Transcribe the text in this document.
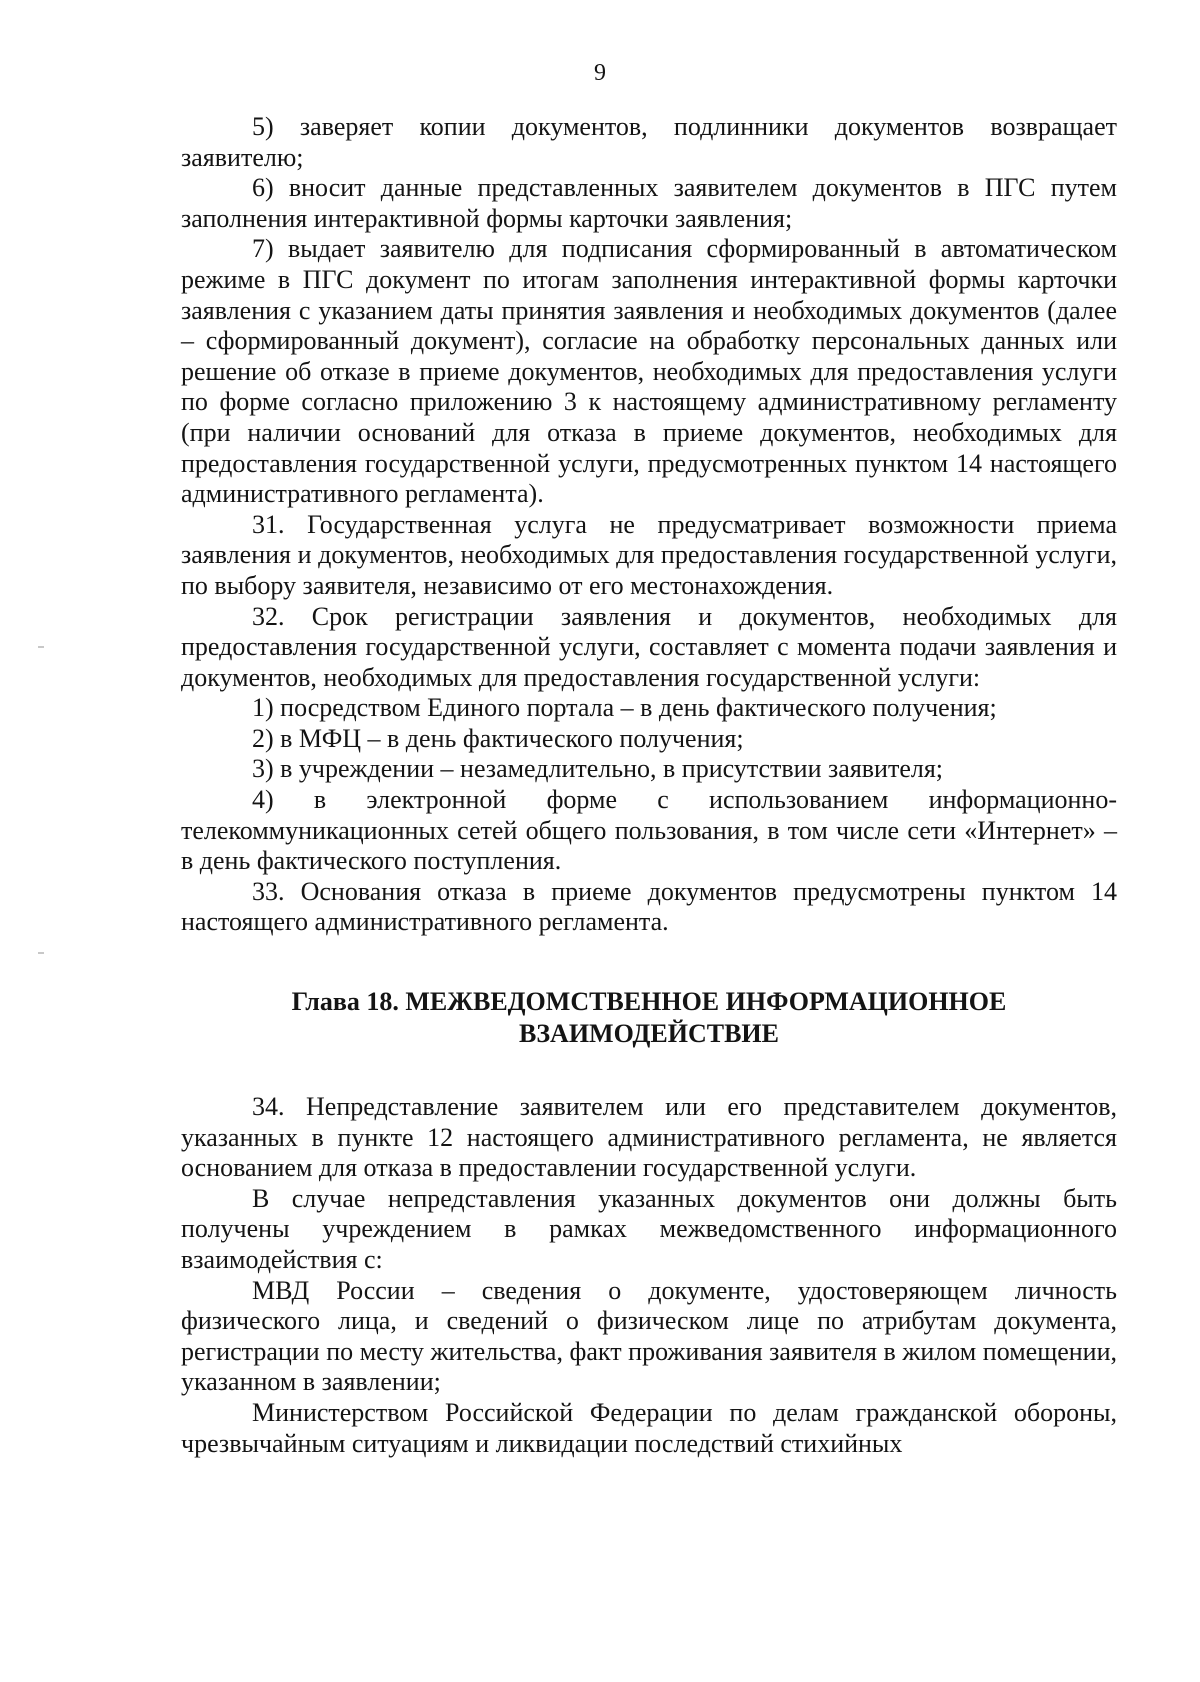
9

5) заверяет копии документов, подлинники документов возвращает заявителю;

6) вносит данные представленных заявителем документов в ПГС путем заполнения интерактивной формы карточки заявления;

7) выдает заявителю для подписания сформированный в автоматическом режиме в ПГС документ по итогам заполнения интерактивной формы карточки заявления с указанием даты принятия заявления и необходимых документов (далее – сформированный документ), согласие на обработку персональных данных или решение об отказе в приеме документов, необходимых для предоставления услуги по форме согласно приложению 3 к настоящему административному регламенту (при наличии оснований для отказа в приеме документов, необходимых для предоставления государственной услуги, предусмотренных пунктом 14 настоящего административного регламента).

31. Государственная услуга не предусматривает возможности приема заявления и документов, необходимых для предоставления государственной услуги, по выбору заявителя, независимо от его местонахождения.

32. Срок регистрации заявления и документов, необходимых для предоставления государственной услуги, составляет с момента подачи заявления и документов, необходимых для предоставления государственной услуги:

1) посредством Единого портала – в день фактического получения;

2) в МФЦ – в день фактического получения;

3) в учреждении – незамедлительно, в присутствии заявителя;

4) в электронной форме с использованием информационно-телекоммуникационных сетей общего пользования, в том числе сети «Интернет» – в день фактического поступления.

33. Основания отказа в приеме документов предусмотрены пунктом 14 настоящего административного регламента.

Глава 18. МЕЖВЕДОМСТВЕННОЕ ИНФОРМАЦИОННОЕ
ВЗАИМОДЕЙСТВИЕ

34. Непредставление заявителем или его представителем документов, указанных в пункте 12 настоящего административного регламента, не является основанием для отказа в предоставлении государственной услуги.

В случае непредставления указанных документов они должны быть получены учреждением в рамках межведомственного информационного взаимодействия с:

МВД России – сведения о документе, удостоверяющем личность физического лица, и сведений о физическом лице по атрибутам документа, регистрации по месту жительства, факт проживания заявителя в жилом помещении, указанном в заявлении;

Министерством Российской Федерации по делам гражданской обороны, чрезвычайным ситуациям и ликвидации последствий стихийных
